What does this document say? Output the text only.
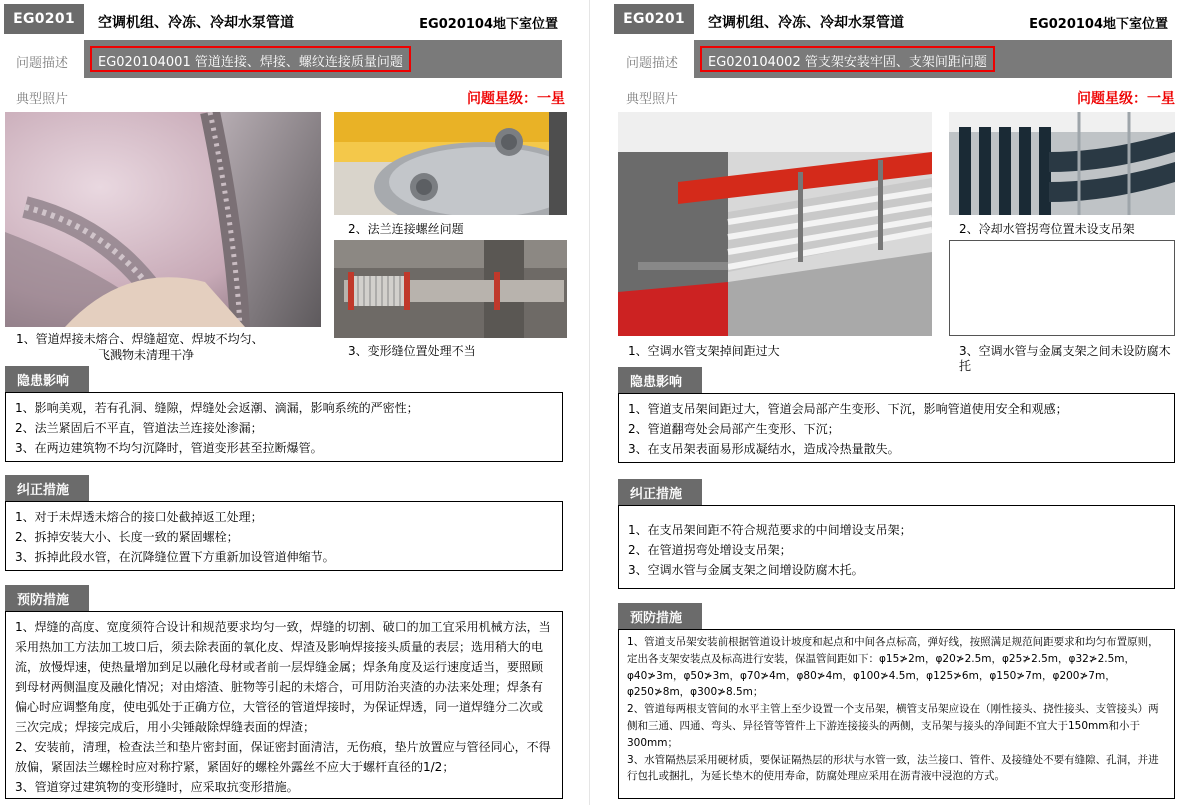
EG0201	空调机组、冷冻、冷却水泵管道	EG020104地下室位置
问题描述	EG020104001 管道连接、焊接、螺纹连接质量问题
典型照片	问题星级：一星
1、管道焊接未熔合、焊缝超宽、焊坡不均匀、
飞溅物未清理干净
2、法兰连接螺丝问题
3、变形缝位置处理不当
隐患影响

1、影响美观，若有孔洞、缝隙，焊缝处会返潮、滴漏，影响系统的严密性；

2、法兰紧固后不平直，管道法兰连接处渗漏；

3、在两边建筑物不均匀沉降时，管道变形甚至拉断爆管。

纠正措施

1、对于未焊透未熔合的接口处截掉返工处理；

2、拆掉安装大小、长度一致的紧固螺栓；

3、拆掉此段水管，在沉降缝位置下方重新加设管道伸缩节。

预防措施

1、焊缝的高度、宽度须符合设计和规范要求均匀一致，焊缝的切割、破口的加工宜采用机械方法，当采用热加工方法加工坡口后，须去除表面的氧化皮、焊渣及影响焊接接头质量的表层；选用稍大的电流，放慢焊速，使热量增加到足以融化母材或者前一层焊缝金属；焊条角度及运行速度适当，要照顾到母材两侧温度及融化情况；对由熔渣、脏物等引起的未熔合，可用防治夹渣的办法来处理；焊条有偏心时应调整角度，使电弧处于正确方位，大管径的管道焊接时，为保证焊透，同一道焊缝分二次或三次完成；焊接完成后，用小尖锤敲除焊缝表面的焊渣；

2、安装前，清理，检查法兰和垫片密封面，保证密封面清洁，无伤痕，垫片放置应与管径同心，不得放偏，紧固法兰螺栓时应对称拧紧，紧固好的螺栓外露丝不应大于螺杆直径的1/2；

3、管道穿过建筑物的变形缝时，应采取抗变形措施。

EG0201	空调机组、冷冻、冷却水泵管道	EG020104地下室位置
问题描述	EG020104002 管支架安装牢固、支架间距问题
典型照片	问题星级：一星
1、空调水管支架掉间距过大
2、冷却水管拐弯位置未设支吊架
3、空调水管与金属支架之间未设防腐木托
隐患影响

1、管道支吊架间距过大，管道会局部产生变形、下沉，影响管道使用安全和观感；

2、管道翻弯处会局部产生变形、下沉；

3、在支吊架表面易形成凝结水，造成冷热量散失。

纠正措施

1、在支吊架间距不符合规范要求的中间增设支吊架；

2、在管道拐弯处增设支吊架；

3、空调水管与金属支架之间增设防腐木托。

预防措施

1、管道支吊架安装前根据管道设计坡度和起点和中间各点标高，弹好线，按照满足规范间距要求和均匀布置原则，定出各支架安装点及标高进行安装，保温管间距如下：φ15≯2m，φ20≯2.5m，φ25≯2.5m，φ32≯2.5m，φ40≯3m，φ50≯3m，φ70≯4m，φ80≯4m，φ100≯4.5m，φ125≯6m，φ150≯7m，φ200≯7m，φ250≯8m，φ300≯8.5m；

2、管道每两根支管间的水平主管上至少设置一个支吊架，横管支吊架应设在（刚性接头、挠性接头、支管接头）两侧和三通、四通、弯头、异径管等管件上下游连接接头的两侧，支吊架与接头的净间距不宜大于150mm和小于300mm；

3、水管隔热层采用硬材质，要保证隔热层的形状与水管一致，法兰接口、管件、及接缝处不要有缝隙、孔洞，并进行包扎或捆扎，为延长垫木的使用寿命，防腐处理应采用在沥青液中浸泡的方式。
